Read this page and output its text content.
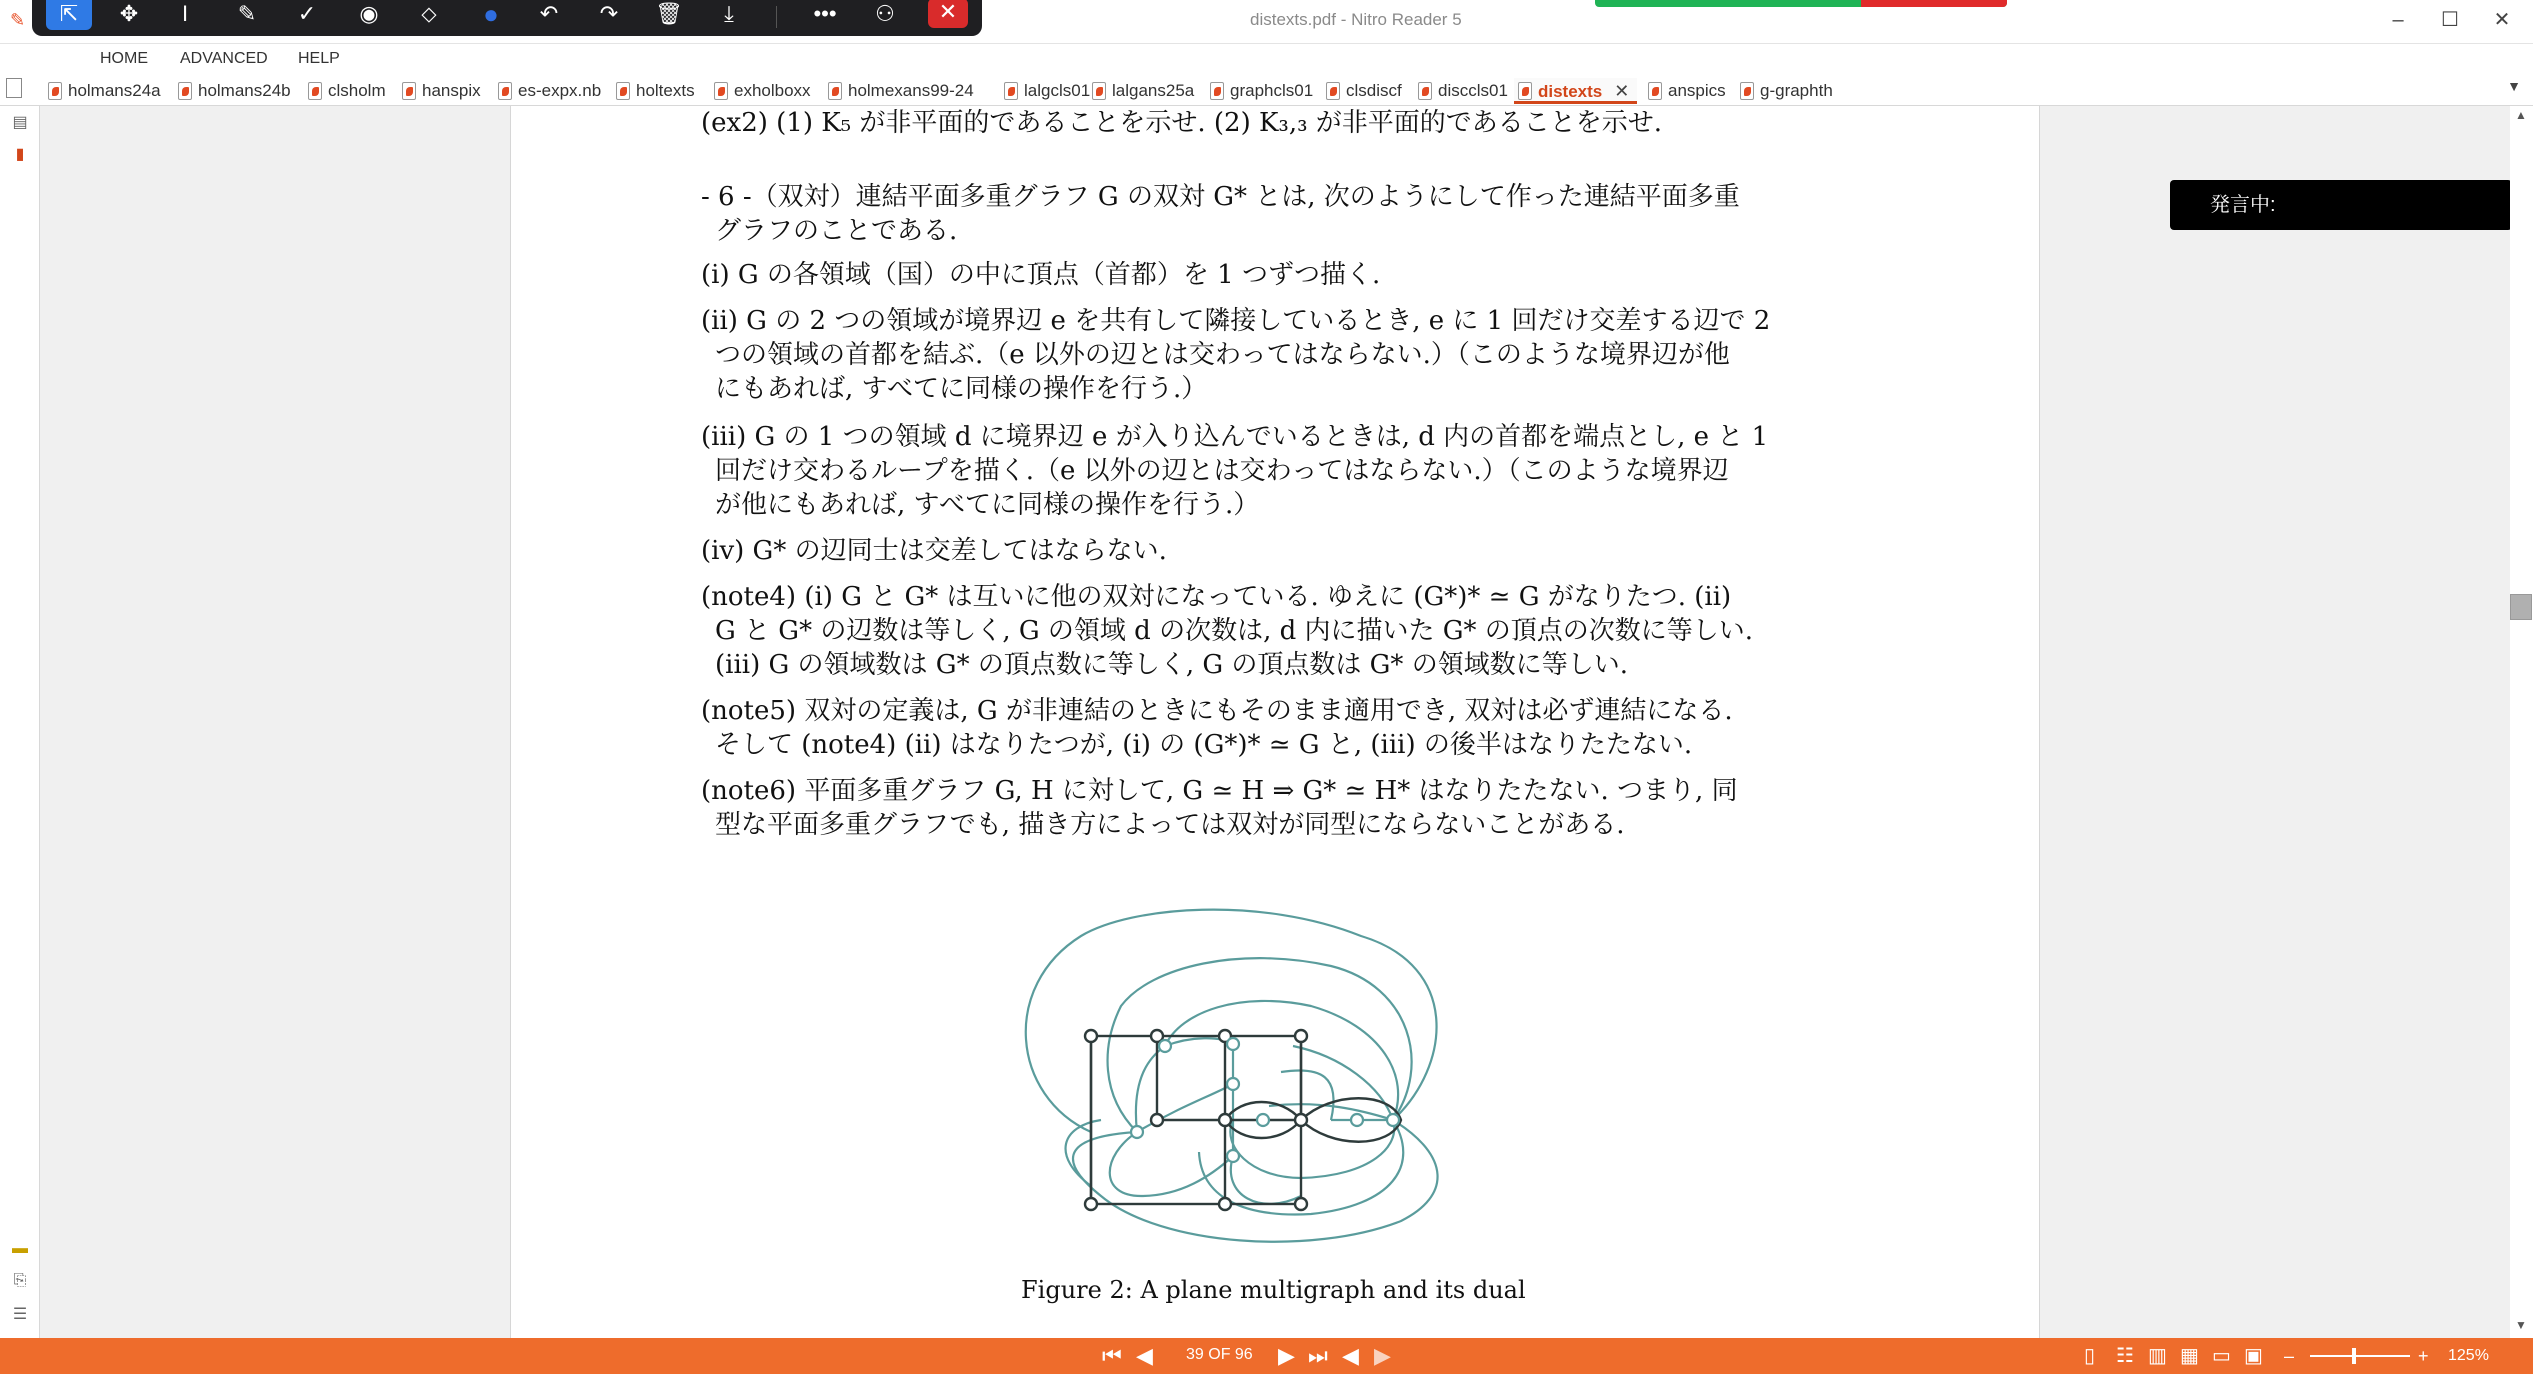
✎	distexts.pdf - Nitro Reader 5	–	☐	✕
⇱	✥	I	✎	✓	◉	⬦	●	↶	↷	🗑	⤓	•••	⚇	✕
HOME ADVANCED HELP
holmans24a	holmans24b	clsholm	hanspix	es-expx.nb	holtexts	exholboxx	holmexans99-24	lalgcls01	lalgans25a	graphcls01	clsdiscf	disccls01	distexts ✕	anspics	g-graphth	▼
▤
▮
▬
⎘
☰
(ex2) (1) K₅ が非平面的であることを示せ. (2) K₃,₃ が非平面的であることを示せ.
- 6 -（双対）連結平面多重グラフ G の双対 G* とは, 次のようにして作った連結平面多重
グラフのことである.
(i) G の各領域（国）の中に頂点（首都）を 1 つずつ描く.
(ii) G の 2 つの領域が境界辺 e を共有して隣接しているとき, e に 1 回だけ交差する辺で 2
つの領域の首都を結ぶ.（e 以外の辺とは交わってはならない.）（このような境界辺が他
にもあれば, すべてに同様の操作を行う.）
(iii) G の 1 つの領域 d に境界辺 e が入り込んでいるときは, d 内の首都を端点とし, e と 1
回だけ交わるループを描く.（e 以外の辺とは交わってはならない.）（このような境界辺
が他にもあれば, すべてに同様の操作を行う.）
(iv) G* の辺同士は交差してはならない.
(note4) (i) G と G* は互いに他の双対になっている. ゆえに (G*)* ≃ G がなりたつ. (ii)
G と G* の辺数は等しく, G の領域 d の次数は, d 内に描いた G* の頂点の次数に等しい.
(iii) G の領域数は G* の頂点数に等しく, G の頂点数は G* の領域数に等しい.
(note5) 双対の定義は, G が非連結のときにもそのまま適用でき, 双対は必ず連結になる.
そして (note4) (ii) はなりたつが, (i) の (G*)* ≃ G と, (iii) の後半はなりたたない.
(note6) 平面多重グラフ G, H に対して, G ≃ H ⇒ G* ≃ H* はなりたたない. つまり, 同
型な平面多重グラフでも, 描き方によっては双対が同型にならないことがある.
Figure 2: A plane multigraph and its dual
発言中:
▲
▼
⏮ ◀ 39 OF 96 ▶ ⏭ ◀ ▶	▯ ☷ ▥ ▦ ▭ ▣ –	+ 125%
